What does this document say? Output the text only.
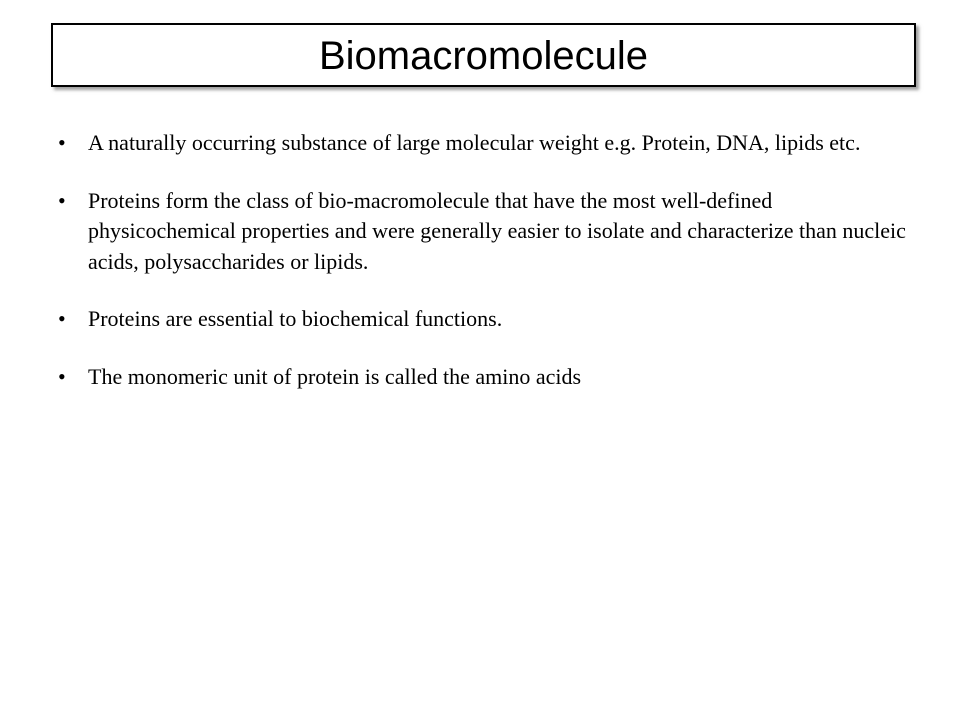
Biomacromolecule
• A naturally occurring substance of large molecular weight e.g. Protein, DNA, lipids etc.
• Proteins form the class of bio-macromolecule that have the most well-defined physicochemical properties and were generally easier to isolate and characterize than nucleic acids, polysaccharides or lipids.
• Proteins are essential to biochemical functions.
• The monomeric unit of protein is called the amino acids
